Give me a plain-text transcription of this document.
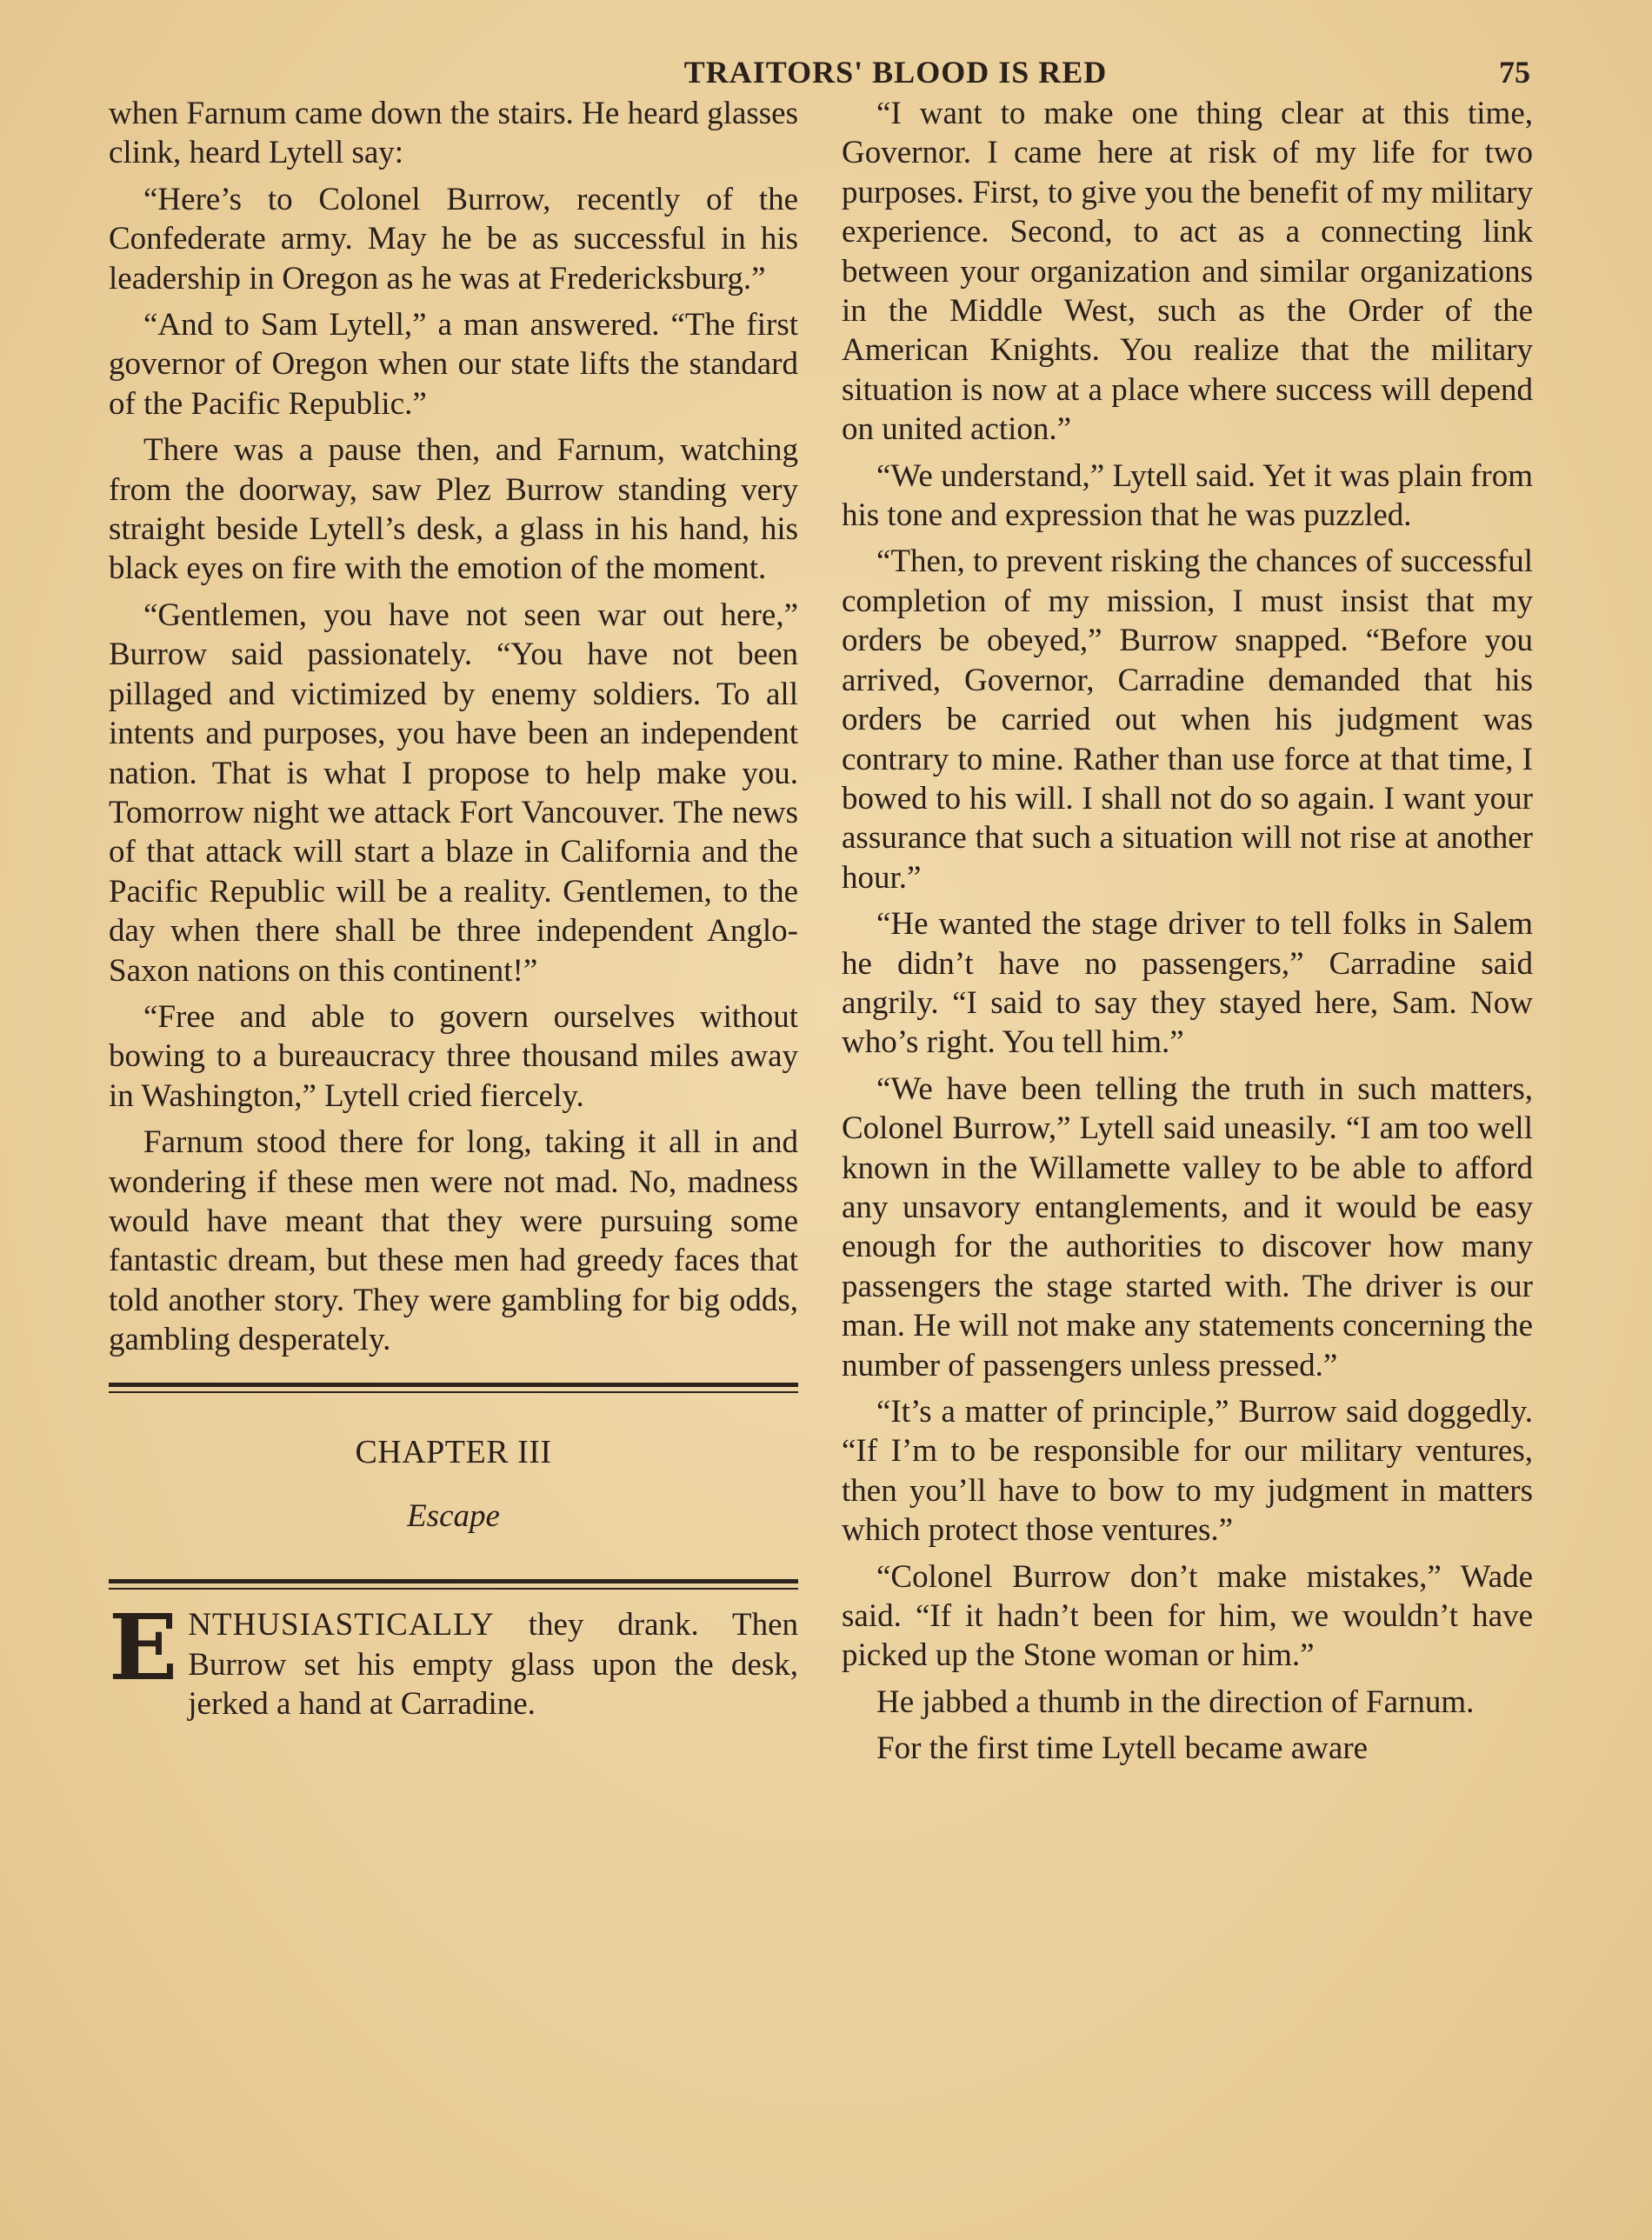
TRAITORS' BLOOD IS RED	75

when Farnum came down the stairs. He heard glasses clink, heard Lytell say:

“Here’s to Colonel Burrow, recently of the Confederate army. May he be as successful in his leadership in Oregon as he was at Fredericksburg.”

“And to Sam Lytell,” a man answered. “The first governor of Oregon when our state lifts the standard of the Pacific Republic.”

There was a pause then, and Farnum, watching from the doorway, saw Plez Burrow standing very straight beside Lytell’s desk, a glass in his hand, his black eyes on fire with the emotion of the moment.

“Gentlemen, you have not seen war out here,” Burrow said passionately. “You have not been pillaged and victimized by enemy soldiers. To all intents and purposes, you have been an independent nation. That is what I propose to help make you. Tomorrow night we attack Fort Vancouver. The news of that attack will start a blaze in California and the Pacific Republic will be a reality. Gentlemen, to the day when there shall be three independent Anglo-Saxon nations on this continent!”

“Free and able to govern ourselves without bowing to a bureaucracy three thousand miles away in Washington,” Lytell cried fiercely.

Farnum stood there for long, taking it all in and wondering if these men were not mad. No, madness would have meant that they were pursuing some fantastic dream, but these men had greedy faces that told another story. They were gambling for big odds, gambling desperately.

CHAPTER III
Escape

ENTHUSIASTICALLY they drank. Then Burrow set his empty glass upon the desk, jerked a hand at Carradine.

“I want to make one thing clear at this time, Governor. I came here at risk of my life for two purposes. First, to give you the benefit of my military experience. Second, to act as a connecting link between your organization and similar organizations in the Middle West, such as the Order of the American Knights. You realize that the military situation is now at a place where success will depend on united action.”

“We understand,” Lytell said. Yet it was plain from his tone and expression that he was puzzled.

“Then, to prevent risking the chances of successful completion of my mission, I must insist that my orders be obeyed,” Burrow snapped. “Before you arrived, Governor, Carradine demanded that his orders be carried out when his judgment was contrary to mine. Rather than use force at that time, I bowed to his will. I shall not do so again. I want your assurance that such a situation will not rise at another hour.”

“He wanted the stage driver to tell folks in Salem he didn’t have no passengers,” Carradine said angrily. “I said to say they stayed here, Sam. Now who’s right. You tell him.”

“We have been telling the truth in such matters, Colonel Burrow,” Lytell said uneasily. “I am too well known in the Willamette valley to be able to afford any unsavory entanglements, and it would be easy enough for the authorities to discover how many passengers the stage started with. The driver is our man. He will not make any statements concerning the number of passengers unless pressed.”

“It’s a matter of principle,” Burrow said doggedly. “If I’m to be responsible for our military ventures, then you’ll have to bow to my judgment in matters which protect those ventures.”

“Colonel Burrow don’t make mistakes,” Wade said. “If it hadn’t been for him, we wouldn’t have picked up the Stone woman or him.”

He jabbed a thumb in the direction of Farnum.

For the first time Lytell became aware
